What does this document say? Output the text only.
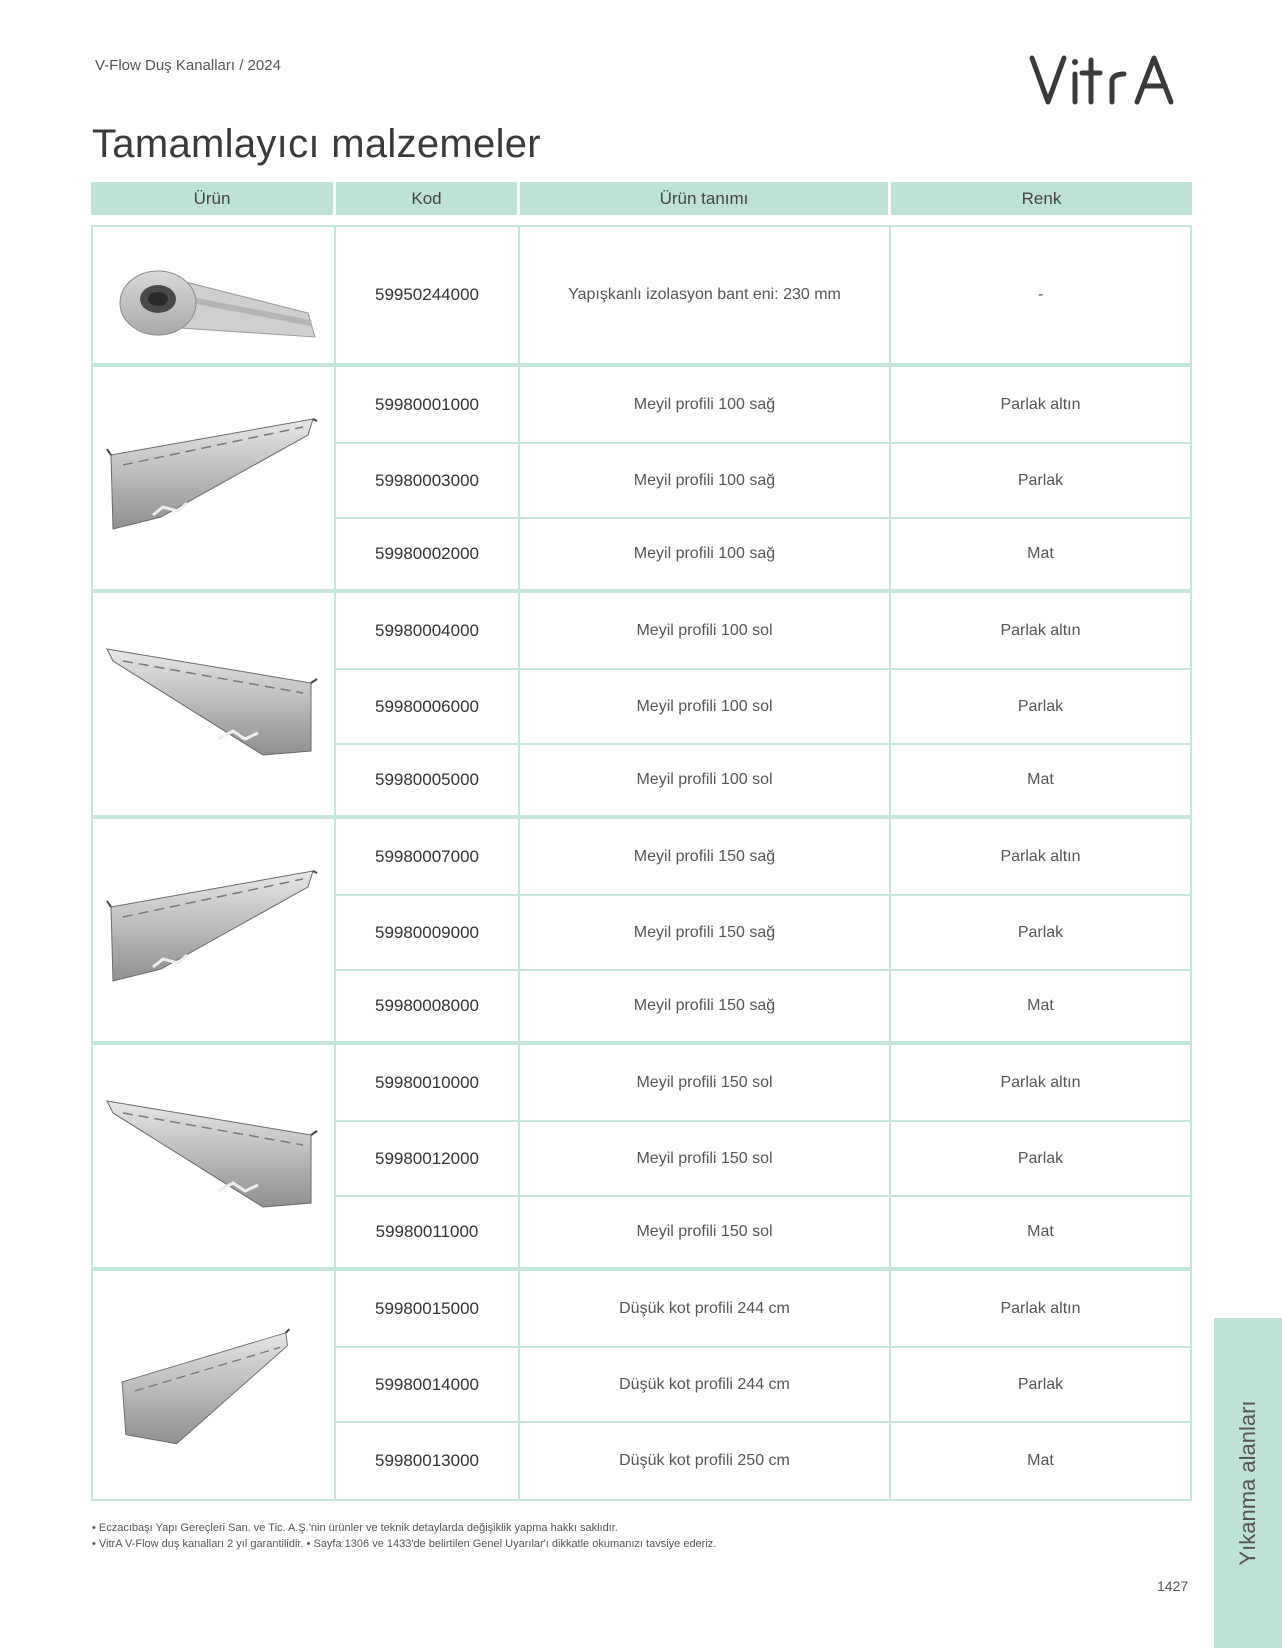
V-Flow Duş Kanalları / 2024
Tamamlayıcı malzemeler
Ürün	Kod	Ürün tanımı	Renk
59950244000	Yapışkanlı izolasyon bant eni: 230 mm	-
59980001000	Meyil profili 100 sağ	Parlak altın
59980003000	Meyil profili 100 sağ	Parlak
59980002000	Meyil profili 100 sağ	Mat
59980004000	Meyil profili 100 sol	Parlak altın
59980006000	Meyil profili 100 sol	Parlak
59980005000	Meyil profili 100 sol	Mat
59980007000	Meyil profili 150 sağ	Parlak altın
59980009000	Meyil profili 150 sağ	Parlak
59980008000	Meyil profili 150 sağ	Mat
59980010000	Meyil profili 150 sol	Parlak altın
59980012000	Meyil profili 150 sol	Parlak
59980011000	Meyil profili 150 sol	Mat
59980015000	Düşük kot profili 244 cm	Parlak altın
59980014000	Düşük kot profili 244 cm	Parlak
59980013000	Düşük kot profili 250 cm	Mat
• Eczacıbaşı Yapı Gereçleri San. ve Tic. A.Ş.'nin ürünler ve teknik detaylarda değişiklik yapma hakkı saklıdır.
• VitrA V-Flow duş kanalları 2 yıl garantilidir. • Sayfa 1306 ve 1433'de belirtilen Genel Uyarılar'ı dikkatle okumanızı tavsiye ederiz.
1427
Yıkanma alanları
